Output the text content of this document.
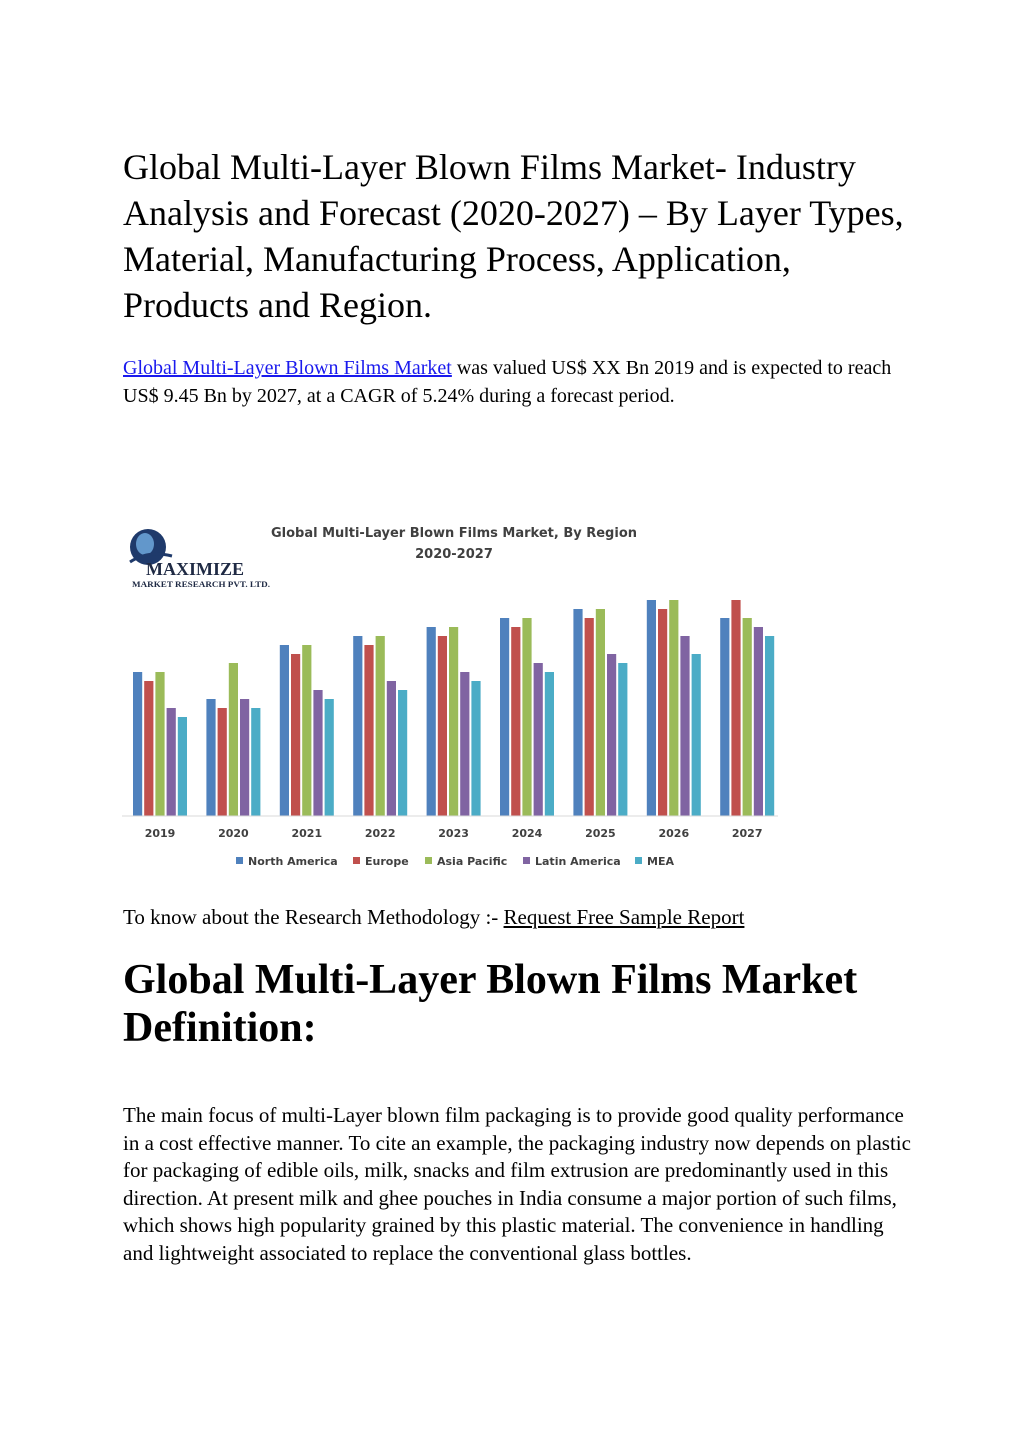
Global Multi-Layer Blown Films Market- Industry Analysis and Forecast (2020-2027) – By Layer Types, Material, Manufacturing Process, Application, Products and Region.

Global Multi-Layer Blown Films Market was valued US$ XX Bn 2019 and is expected to reach US$ 9.45 Bn by 2027, at a CAGR of 5.24% during a forecast period.

MAXIMIZE
MARKET RESEARCH PVT. LTD.
Global Multi-Layer Blown Films Market, By Region
2020-2027
2019	2020	2021	2022	2023	2024	2025	2026	2027
North America Europe	Asia Pacific	Latin America MEA

To know about the Research Methodology :- Request Free Sample Report

Global Multi-Layer Blown Films Market Definition:

The main focus of multi-Layer blown film packaging is to provide good quality performance in a cost effective manner. To cite an example, the packaging industry now depends on plastic for packaging of edible oils, milk, snacks and film extrusion are predominantly used in this direction. At present milk and ghee pouches in India consume a major portion of such films, which shows high popularity grained by this plastic material. The convenience in handling and lightweight associated to replace the conventional glass bottles.
